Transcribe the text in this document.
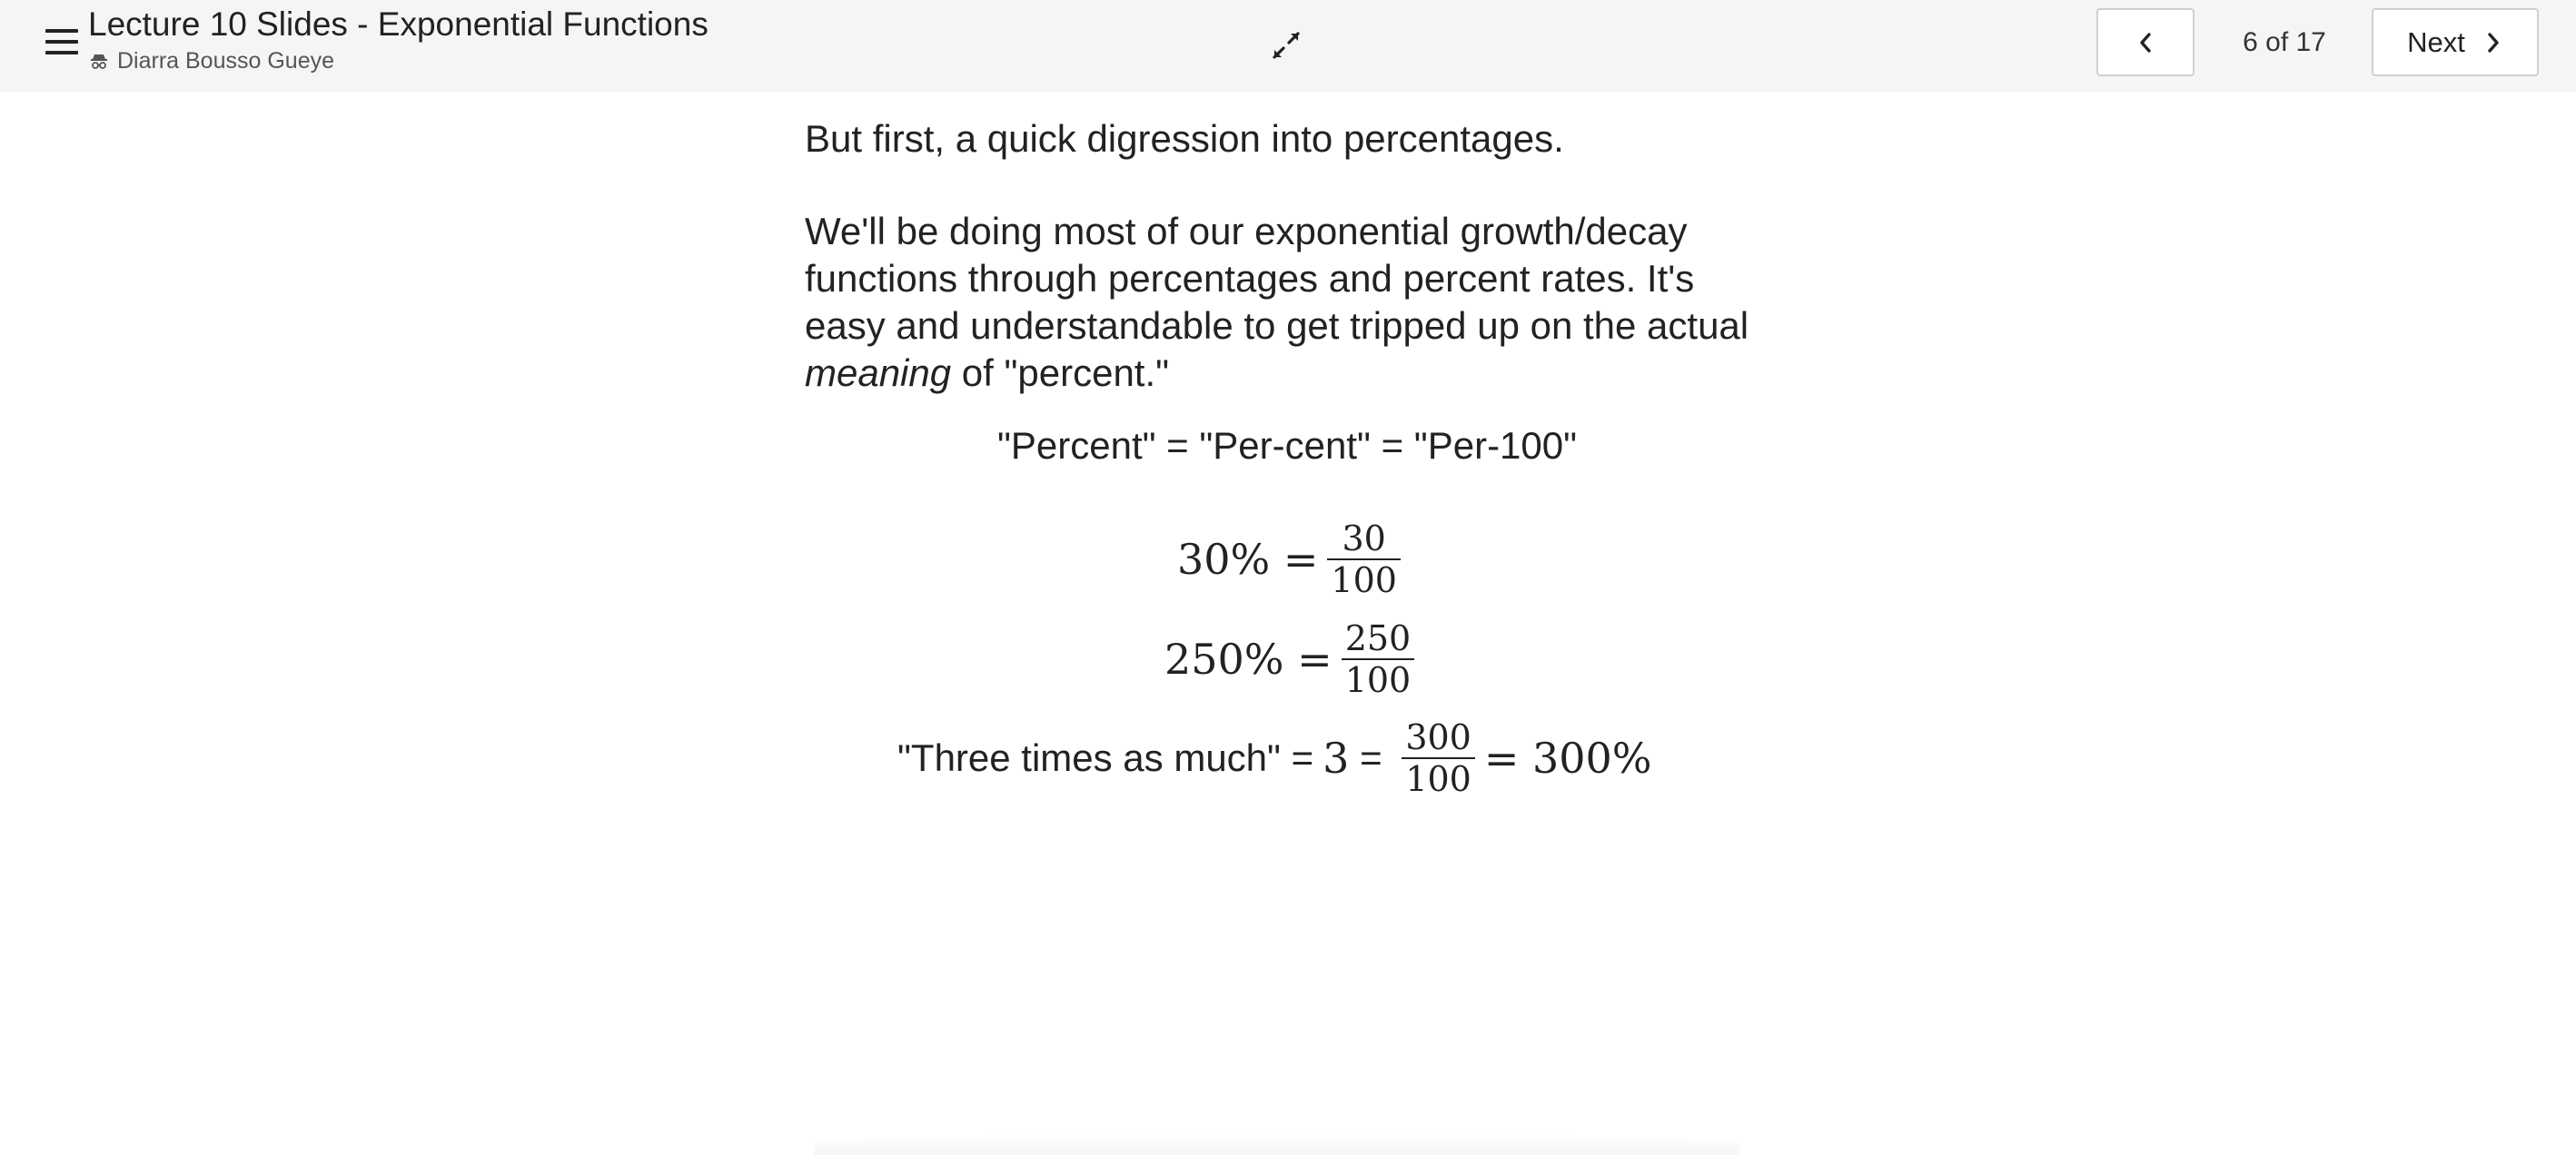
Lecture 10 Slides - Exponential Functions
Diarra Bousso Gueye
6 of 17	Next
But first, a quick digression into percentages.
We'll be doing most of our exponential growth/decay functions through percentages and percent rates. It's easy and understandable to get tripped up on the actual meaning of "percent."
"Percent" = "Per-cent" = "Per-100"
$30\% = \frac{30}{100}$
$250\% = \frac{250}{100}$
"Three times as much" = $3 = \frac{300}{100} = 300\%$
